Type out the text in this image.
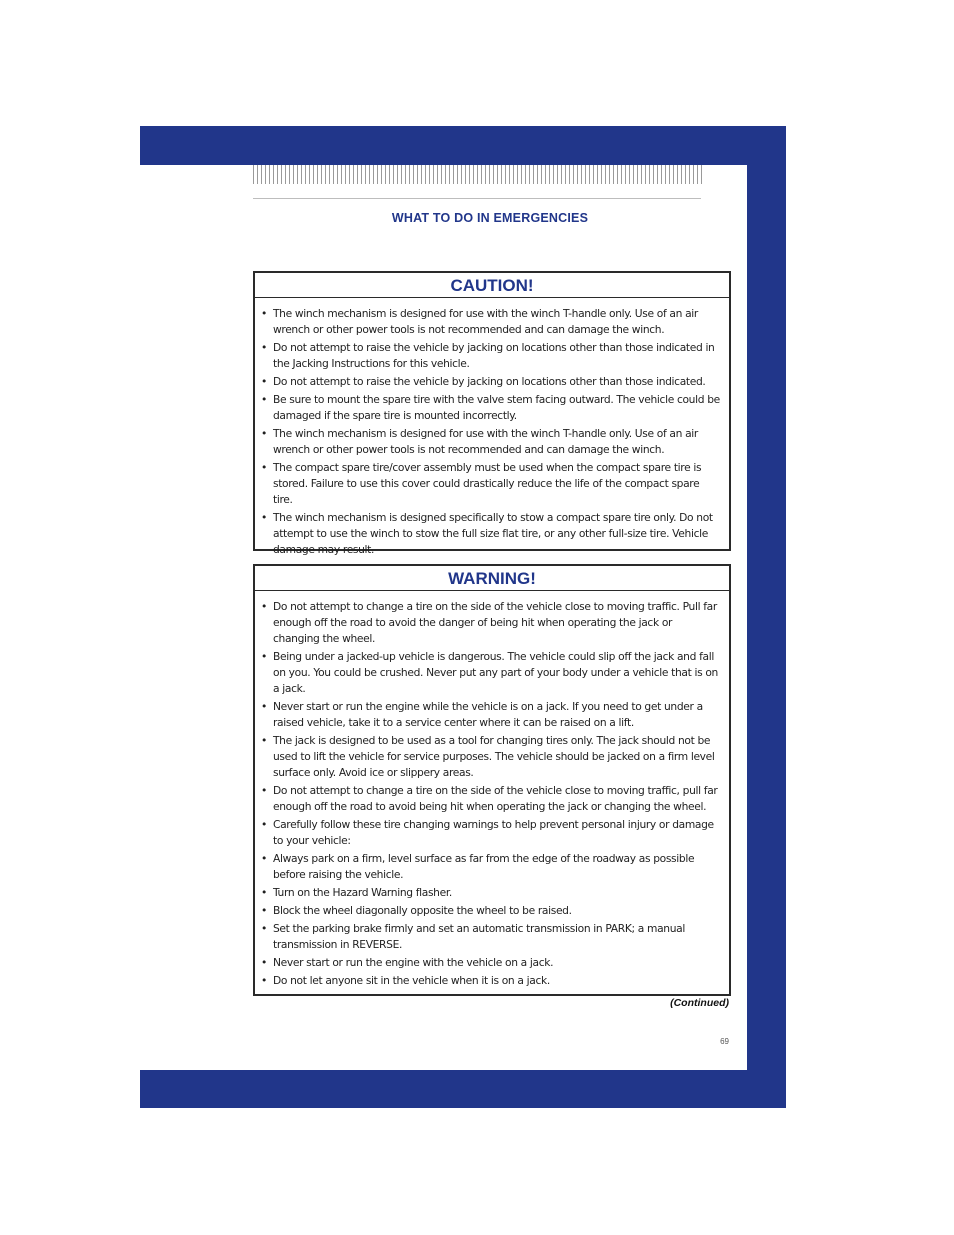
WHAT TO DO IN EMERGENCIES
CAUTION!
• The winch mechanism is designed for use with the winch T-handle only. Use of an air wrench or other power tools is not recommended and can damage the winch.
• Do not attempt to raise the vehicle by jacking on locations other than those indicated in the Jacking Instructions for this vehicle.
• Do not attempt to raise the vehicle by jacking on locations other than those indicated.
• Be sure to mount the spare tire with the valve stem facing outward. The vehicle could be damaged if the spare tire is mounted incorrectly.
• The winch mechanism is designed for use with the winch T-handle only. Use of an air wrench or other power tools is not recommended and can damage the winch.
• The compact spare tire/cover assembly must be used when the compact spare tire is stored. Failure to use this cover could drastically reduce the life of the compact spare tire.
• The winch mechanism is designed specifically to stow a compact spare tire only. Do not attempt to use the winch to stow the full size flat tire, or any other full-size tire. Vehicle damage may result.
WARNING!
• Do not attempt to change a tire on the side of the vehicle close to moving traffic. Pull far enough off the road to avoid the danger of being hit when operating the jack or changing the wheel.
• Being under a jacked-up vehicle is dangerous. The vehicle could slip off the jack and fall on you. You could be crushed. Never put any part of your body under a vehicle that is on a jack.
• Never start or run the engine while the vehicle is on a jack. If you need to get under a raised vehicle, take it to a service center where it can be raised on a lift.
• The jack is designed to be used as a tool for changing tires only. The jack should not be used to lift the vehicle for service purposes. The vehicle should be jacked on a firm level surface only. Avoid ice or slippery areas.
• Do not attempt to change a tire on the side of the vehicle close to moving traffic, pull far enough off the road to avoid being hit when operating the jack or changing the wheel.
• Carefully follow these tire changing warnings to help prevent personal injury or damage to your vehicle:
• Always park on a firm, level surface as far from the edge of the roadway as possible before raising the vehicle.
• Turn on the Hazard Warning flasher.
• Block the wheel diagonally opposite the wheel to be raised.
• Set the parking brake firmly and set an automatic transmission in PARK; a manual transmission in REVERSE.
• Never start or run the engine with the vehicle on a jack.
• Do not let anyone sit in the vehicle when it is on a jack.
(Continued)
69
